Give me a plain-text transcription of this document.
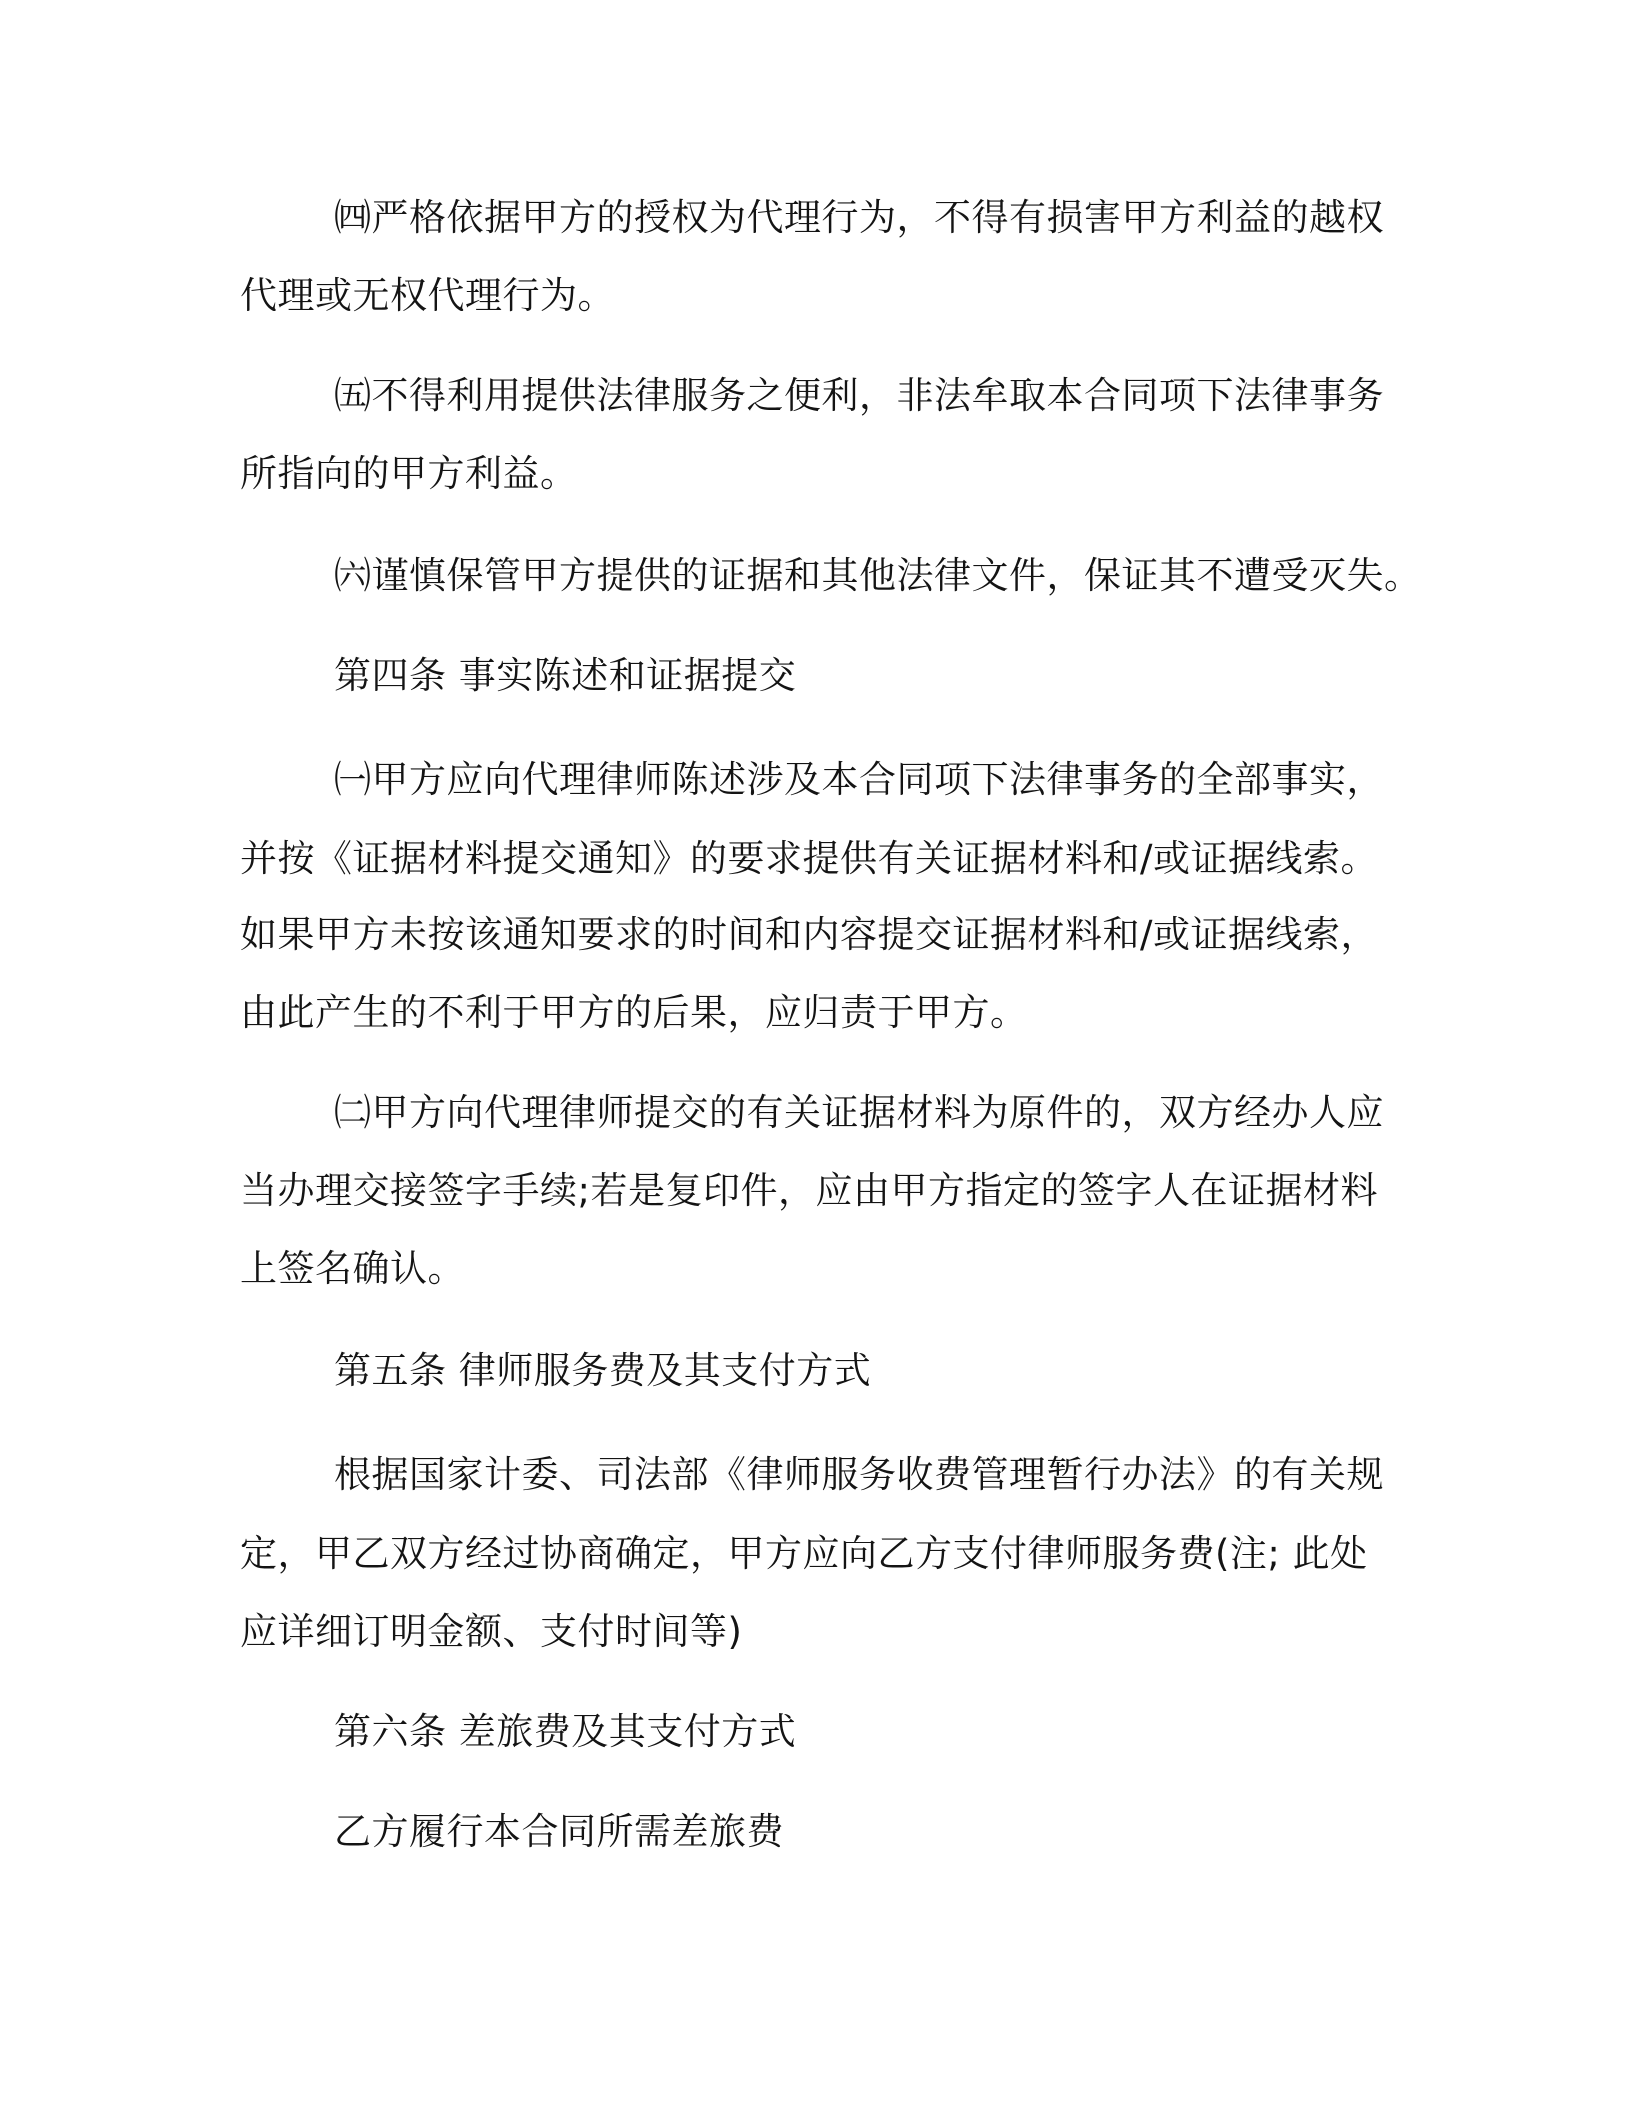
㈣严格依据甲方的授权为代理行为，不得有损害甲方利益的越权

代理或无权代理行为。

㈤不得利用提供法律服务之便利，非法牟取本合同项下法律事务

所指向的甲方利益。

㈥谨慎保管甲方提供的证据和其他法律文件，保证其不遭受灭失。

第四条 事实陈述和证据提交

㈠甲方应向代理律师陈述涉及本合同项下法律事务的全部事实，

并按《证据材料提交通知》的要求提供有关证据材料和/或证据线索。

如果甲方未按该通知要求的时间和内容提交证据材料和/或证据线索，

由此产生的不利于甲方的后果，应归责于甲方。

㈡甲方向代理律师提交的有关证据材料为原件的，双方经办人应

当办理交接签字手续;若是复印件，应由甲方指定的签字人在证据材料

上签名确认。

第五条 律师服务费及其支付方式

根据国家计委、司法部《律师服务收费管理暂行办法》的有关规

定，甲乙双方经过协商确定，甲方应向乙方支付律师服务费(注; 此处

应详细订明金额、支付时间等)

第六条 差旅费及其支付方式

乙方履行本合同所需差旅费
